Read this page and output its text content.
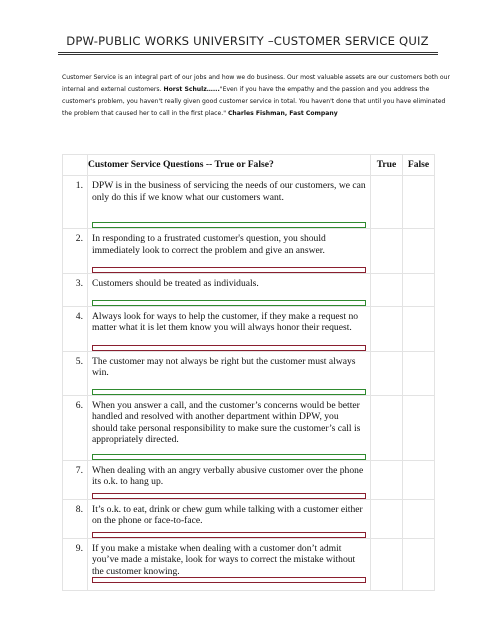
DPW-PUBLIC WORKS UNIVERSITY –CUSTOMER SERVICE QUIZ
Customer Service is an integral part of our jobs and how we do business. Our most valuable assets are our customers both our
internal and external customers. Horst Schulz…..."Even if you have the empathy and the passion and you address the customer's problem, you haven't really given good customer service in total. You haven't done that until you have eliminated the problem that caused her to call in the first place." Charles Fishman, Fast Company
	Customer Service Questions -- True or False?	True	False

1.	DPW is in the business of servicing the needs of our customers, we can only do this if we know what our customers want.		

2.	In responding to a frustrated customer's question, you should immediately look to correct the problem and give an answer.		

3.	Customers should be treated as individuals.		

4.	Always look for ways to help the customer, if they make a request no matter what it is let them know you will always honor their request.		

5.	The customer may not always be right but the customer must always win.		

6.	When you answer a call, and the customer’s concerns would be better handled and resolved with another department within DPW, you should take personal responsibility to make sure the customer’s call is appropriately directed.		

7.	When dealing with an angry verbally abusive customer over the phone its o.k. to hang up.		

8.	It’s o.k. to eat, drink or chew gum while talking with a customer either on the phone or face-to-face.		

9.	If you make a mistake when dealing with a customer don’t admit you’ve made a mistake, look for ways to correct the mistake without the customer knowing.		
